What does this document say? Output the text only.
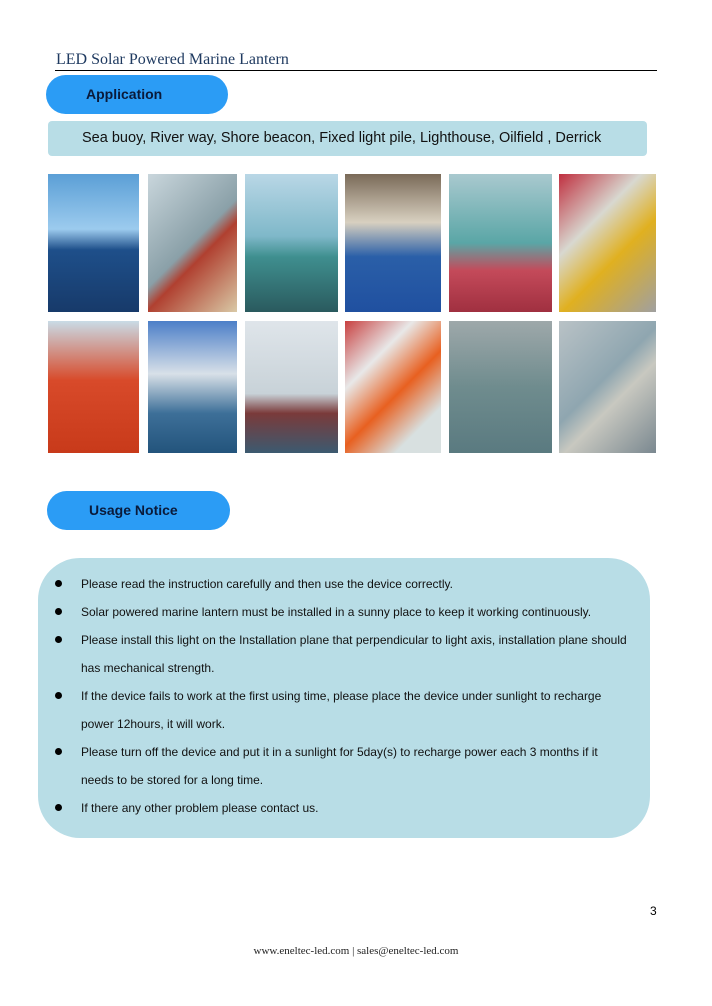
LED Solar Powered Marine Lantern
Application
Sea buoy, River way, Shore beacon, Fixed light pile, Lighthouse, Oilfield , Derrick
Usage Notice
Please read the instruction carefully and then use the device correctly.
Solar powered marine lantern must be installed in a sunny place to keep it working continuously.
Please install this light on the Installation plane that perpendicular to light axis, installation plane should has mechanical strength.
If the device fails to work at the first using time, please place the device under sunlight to recharge power 12hours, it will work.
Please turn off the device and put it in a sunlight for 5day(s) to recharge power each 3 months if it needs to be stored for a long time.
If there any other problem please contact us.
3
www.eneltec-led.com | sales@eneltec-led.com
